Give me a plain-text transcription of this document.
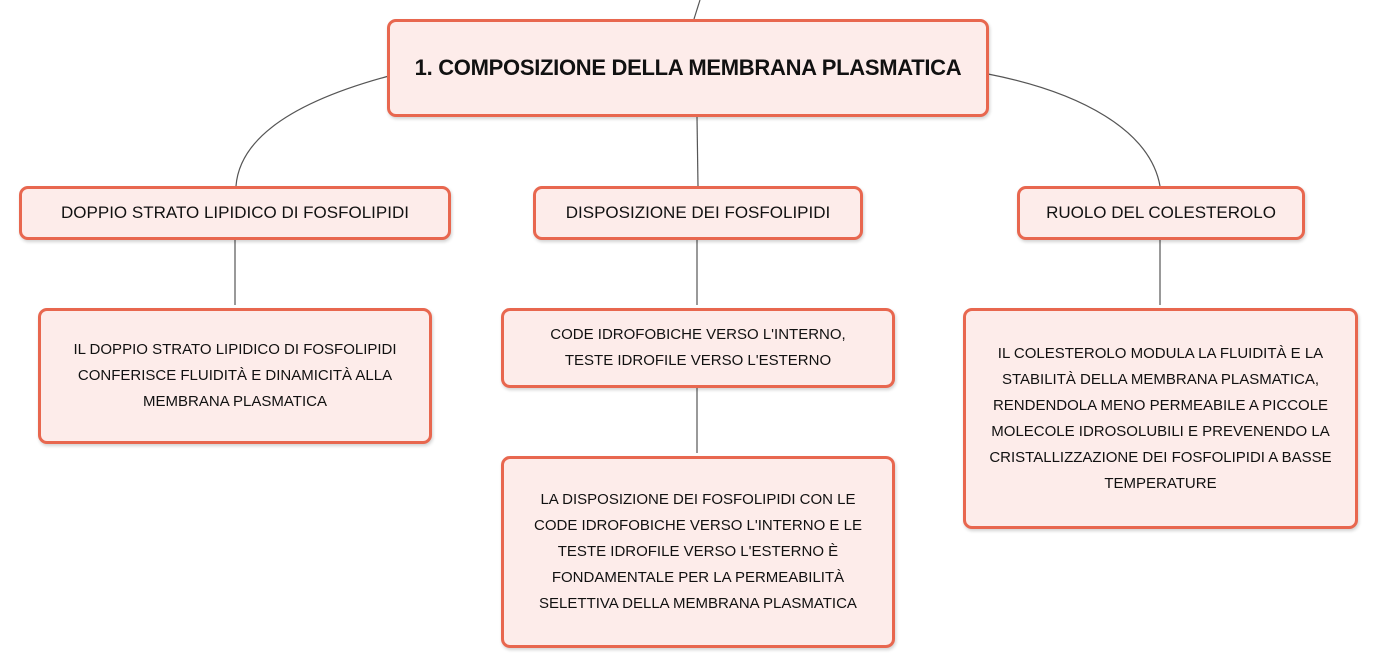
1. COMPOSIZIONE DELLA MEMBRANA PLASMATICA
DOPPIO STRATO LIPIDICO DI FOSFOLIPIDI	DISPOSIZIONE DEI FOSFOLIPIDI	RUOLO DEL COLESTEROLO
IL DOPPIO STRATO LIPIDICO DI FOSFOLIPIDI
CONFERISCE FLUIDITÀ E DINAMICITÀ ALLA
MEMBRANA PLASMATICA
CODE IDROFOBICHE VERSO L'INTERNO,
TESTE IDROFILE VERSO L'ESTERNO
LA DISPOSIZIONE DEI FOSFOLIPIDI CON LE
CODE IDROFOBICHE VERSO L'INTERNO E LE
TESTE IDROFILE VERSO L'ESTERNO È
FONDAMENTALE PER LA PERMEABILITÀ
SELETTIVA DELLA MEMBRANA PLASMATICA
IL COLESTEROLO MODULA LA FLUIDITÀ E LA
STABILITÀ DELLA MEMBRANA PLASMATICA,
RENDENDOLA MENO PERMEABILE A PICCOLE
MOLECOLE IDROSOLUBILI E PREVENENDO LA
CRISTALLIZZAZIONE DEI FOSFOLIPIDI A BASSE
TEMPERATURE
